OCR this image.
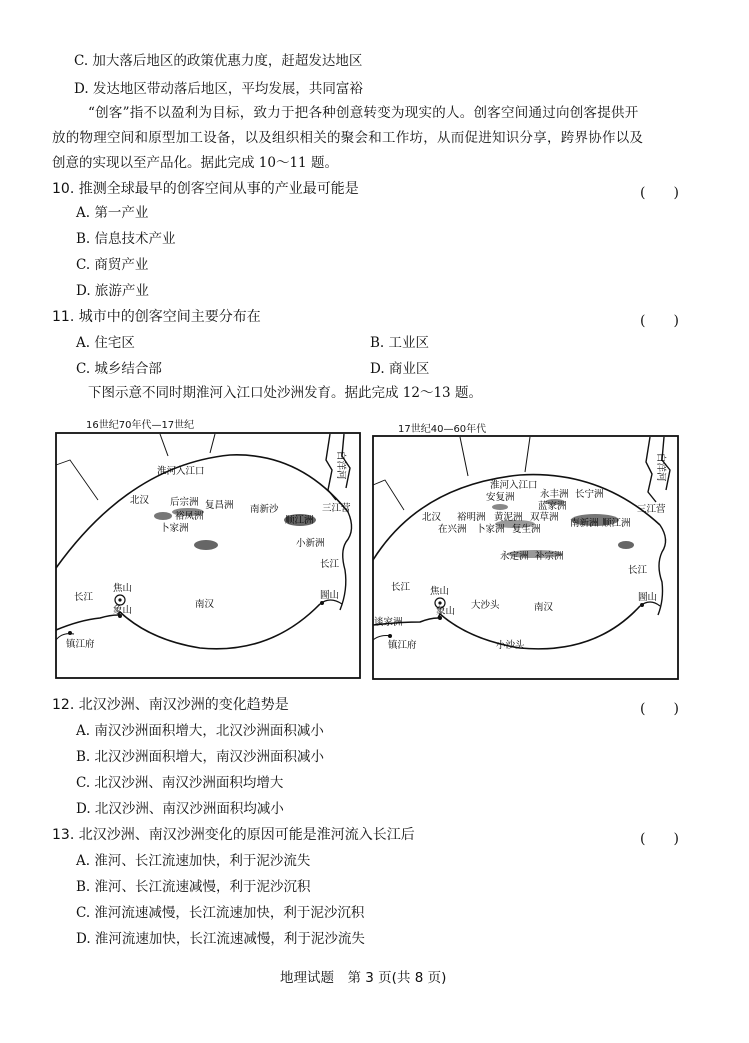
C. 加大落后地区的政策优惠力度，赶超发达地区
D. 发达地区带动落后地区，平均发展，共同富裕
“创客”指不以盈利为目标，致力于把各种创意转变为现实的人。创客空间通过向创客提供开
放的物理空间和原型加工设备，以及组织相关的聚会和工作坊，从而促进知识分享，跨界协作以及
创意的实现以至产品化。据此完成 10～11 题。
10. 推测全球最早的创客空间从事的产业最可能是	(　　)
A. 第一产业
B. 信息技术产业
C. 商贸产业
D. 旅游产业
11. 城市中的创客空间主要分布在	(　　)
A. 住宅区	B. 工业区
C. 城乡结合部	D. 商业区
下图示意不同时期淮河入江口处沙洲发育。据此完成 12～13 题。
16世纪70年代—17世纪	17世纪40—60年代
淮河入江口	白洋河
北汉 后宗洲 复昌洲
裕凤洲
卜家洲
南新沙
顺江洲
三江营
小新洲
长江
长江
焦山
象山
南汉
圌山
镇江府
淮河入江口
白洋河
安复洲	永丰洲 长宁洲
蓝家洲
北汉 裕明洲 黄泥洲 双草洲
南新洲 顺江洲
三江营
在兴洲 卜家洲 复生洲
永定洲 补宗洲
长江
长江 焦山
象山
大沙头	南汉
圌山
谈家洲
镇江府	小沙头
12. 北汉沙洲、南汉沙洲的变化趋势是	(　　)
A. 南汉沙洲面积增大，北汉沙洲面积减小
B. 北汉沙洲面积增大，南汉沙洲面积减小
C. 北汉沙洲、南汉沙洲面积均增大
D. 北汉沙洲、南汉沙洲面积均减小
13. 北汉沙洲、南汉沙洲变化的原因可能是淮河流入长江后	(　　)
A. 淮河、长江流速加快，利于泥沙流失
B. 淮河、长江流速减慢，利于泥沙沉积
C. 淮河流速减慢，长江流速加快，利于泥沙沉积
D. 淮河流速加快，长江流速减慢，利于泥沙流失
地理试题　第 3 页(共 8 页)
